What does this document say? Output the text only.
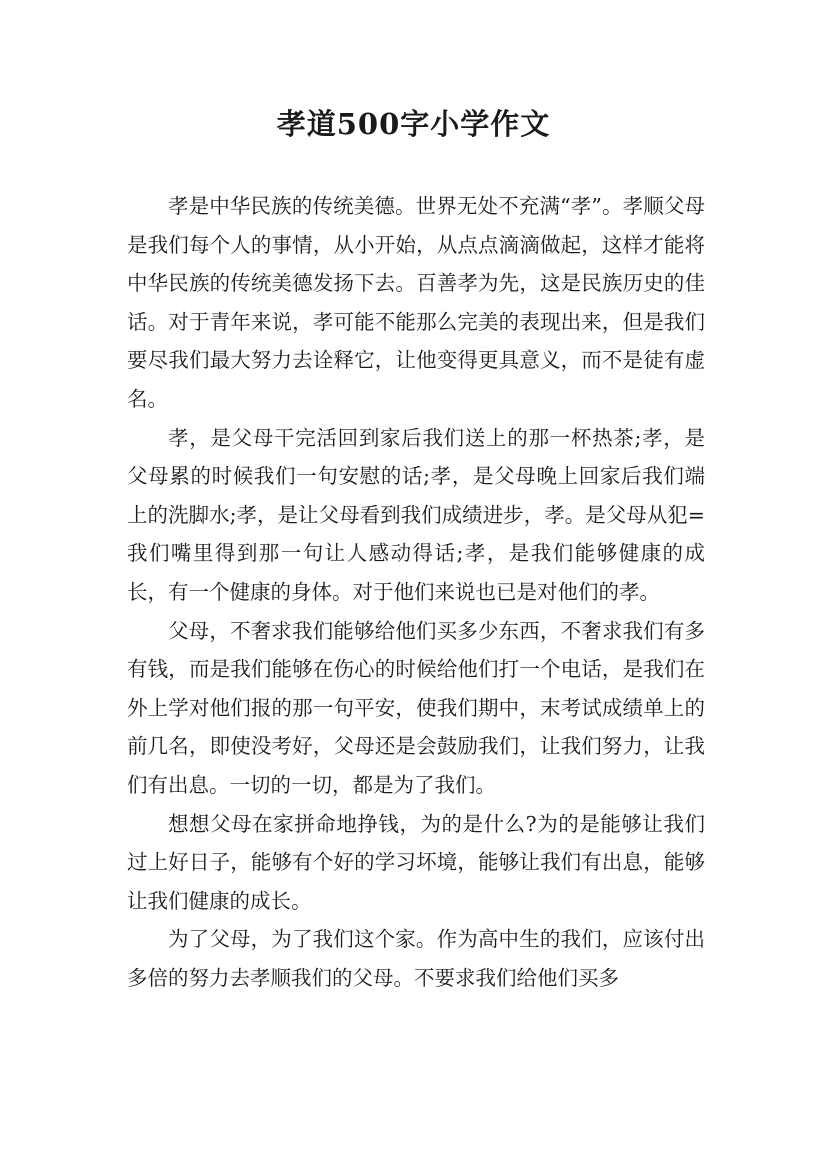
孝道500字小学作文

孝是中华民族的传统美德。世界无处不充满“孝”。孝顺父母是我们每个人的事情，从小开始，从点点滴滴做起，这样才能将中华民族的传统美德发扬下去。百善孝为先，这是民族历史的佳话。对于青年来说，孝可能不能那么完美的表现出来，但是我们要尽我们最大努力去诠释它，让他变得更具意义，而不是徒有虚名。

孝，是父母干完活回到家后我们送上的那一杯热茶;孝，是父母累的时候我们一句安慰的话;孝，是父母晚上回家后我们端上的洗脚水;孝，是让父母看到我们成绩进步，孝。是父母从犯=我们嘴里得到那一句让人感动得话;孝，是我们能够健康的成长，有一个健康的身体。对于他们来说也已是对他们的孝。

父母，不奢求我们能够给他们买多少东西，不奢求我们有多有钱，而是我们能够在伤心的时候给他们打一个电话，是我们在外上学对他们报的那一句平安，使我们期中，末考试成绩单上的前几名，即使没考好，父母还是会鼓励我们，让我们努力，让我们有出息。一切的一切，都是为了我们。

想想父母在家拼命地挣钱，为的是什么?为的是能够让我们过上好日子，能够有个好的学习坏境，能够让我们有出息，能够让我们健康的成长。

为了父母，为了我们这个家。作为高中生的我们，应该付出多倍的努力去孝顺我们的父母。不要求我们给他们买多
